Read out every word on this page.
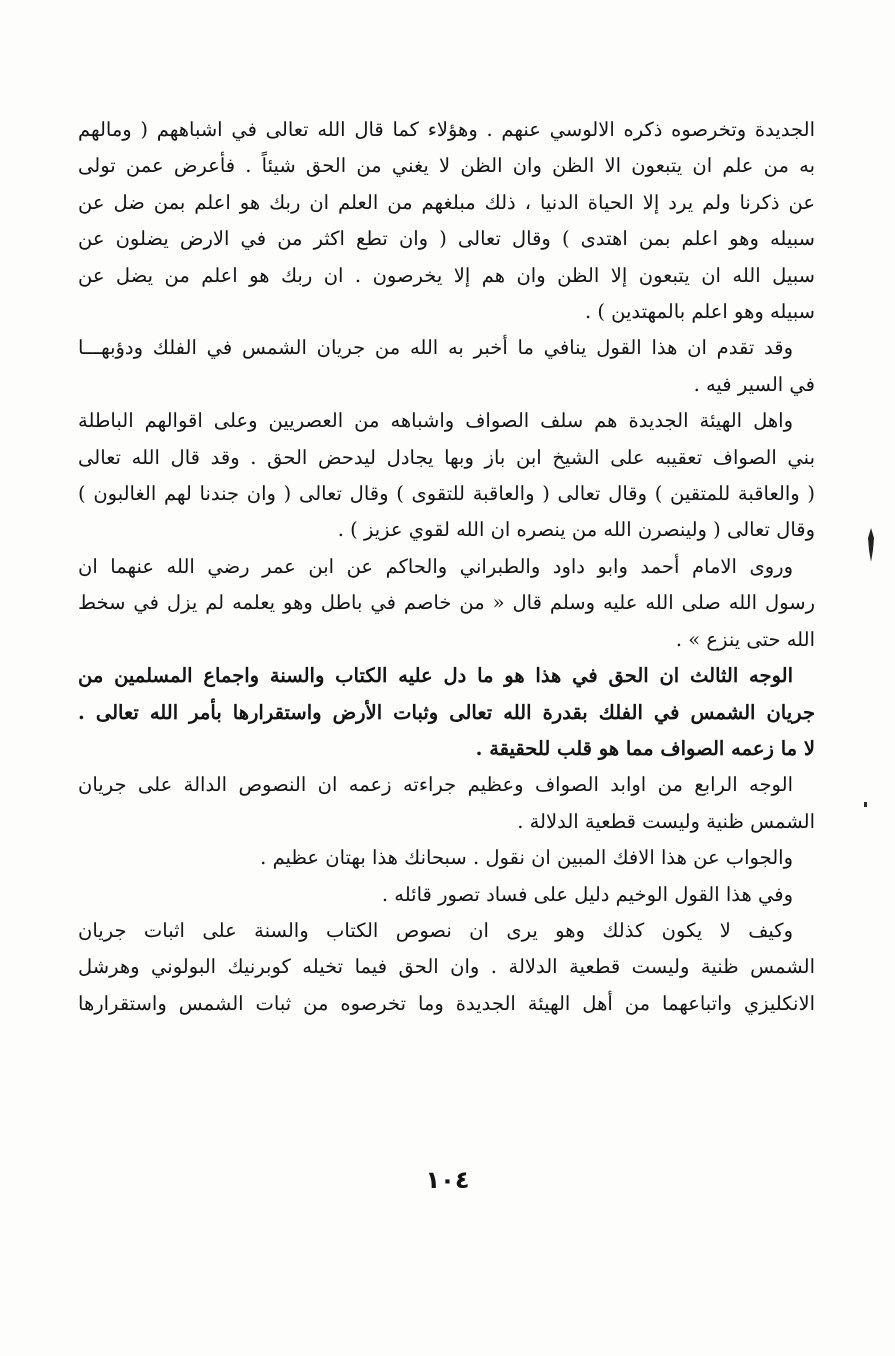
الجديدة وتخرصوه ذكره الالوسي عنهم . وهؤلاء كما قال الله تعالى في اشباههم ( ومالهم
به من علم ان يتبعون الا الظن وان الظن لا يغني من الحق شيئاً . فأعرض عمن تولى
عن ذكرنا ولم يرد إلا الحياة الدنيا ، ذلك مبلغهم من العلم ان ربك هو اعلم بمن ضل عن
سبيله وهو اعلم بمن اهتدى ) وقال تعالى ( وان تطع اكثر من في الارض يضلون عن
سبيل الله ان يتبعون إلا الظن وان هم إلا يخرصون . ان ربك هو اعلم من يضل عن
سبيله وهو اعلم بالمهتدين ) .
وقد تقدم ان هذا القول ينافي ما أخبر به الله من جريان الشمس في الفلك ودؤبهـــا
في السير فيه .
واهل الهيئة الجديدة هم سلف الصواف واشباهه من العصريين وعلى اقوالهم الباطلة
بني الصواف تعقيبه على الشيخ ابن باز وبها يجادل ليدحض الحق . وقد قال الله تعالى
( والعاقبة للمتقين ) وقال تعالى ( والعاقبة للتقوى ) وقال تعالى ( وان جندنا لهم الغالبون )
وقال تعالى ( ولينصرن الله من ينصره ان الله لقوي عزيز ) .
وروى الامام أحمد وابو داود والطبراني والحاكم عن ابن عمر رضي الله عنهما ان
رسول الله صلى الله عليه وسلم قال « من خاصم في باطل وهو يعلمه لم يزل في سخط
الله حتى ينزع » .
الوجه الثالث ان الحق في هذا هو ما دل عليه الكتاب والسنة واجماع المسلمين من
جريان الشمس في الفلك بقدرة الله تعالى وثبات الأرض واستقرارها بأمر الله تعالى .
لا ما زعمه الصواف مما هو قلب للحقيقة .
الوجه الرابع من اوابد الصواف وعظيم جراءته زعمه ان النصوص الدالة على جريان
الشمس ظنية وليست قطعية الدلالة .
والجواب عن هذا الافك المبين ان نقول . سبحانك هذا بهتان عظيم .
وفي هذا القول الوخيم دليل على فساد تصور قائله .
وكيف لا يكون كذلك وهو يرى ان نصوص الكتاب والسنة على اثبات جريان
الشمس ظنية وليست قطعية الدلالة . وان الحق فيما تخيله كوبرنيك البولوني وهرشل
الانكليزي واتباعهما من أهل الهيئة الجديدة وما تخرصوه من ثبات الشمس واستقرارها
١٠٤
